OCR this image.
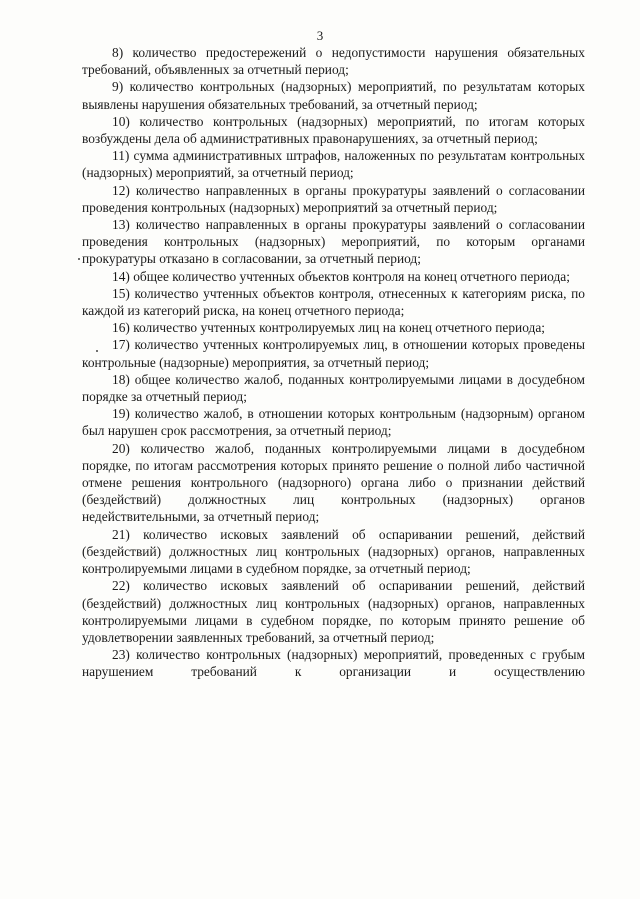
3

8) количество предостережений о недопустимости нарушения обязательных требований, объявленных за отчетный период;

9) количество контрольных (надзорных) мероприятий, по результатам которых выявлены нарушения обязательных требований, за отчетный период;

10) количество контрольных (надзорных) мероприятий, по итогам которых возбуждены дела об административных правонарушениях, за отчетный период;

11) сумма административных штрафов, наложенных по результатам контрольных (надзорных) мероприятий, за отчетный период;

12) количество направленных в органы прокуратуры заявлений о согласовании проведения контрольных (надзорных) мероприятий за отчетный период;

13) количество направленных в органы прокуратуры заявлений о согласовании проведения контрольных (надзорных) мероприятий, по которым органами прокуратуры отказано в согласовании, за отчетный период;

14) общее количество учтенных объектов контроля на конец отчетного периода;

15) количество учтенных объектов контроля, отнесенных к категориям риска, по каждой из категорий риска, на конец отчетного периода;

16) количество учтенных контролируемых лиц на конец отчетного периода;

17) количество учтенных контролируемых лиц, в отношении которых проведены контрольные (надзорные) мероприятия, за отчетный период;

18) общее количество жалоб, поданных контролируемыми лицами в досудебном порядке за отчетный период;

19) количество жалоб, в отношении которых контрольным (надзорным) органом был нарушен срок рассмотрения, за отчетный период;

20) количество жалоб, поданных контролируемыми лицами в досудебном порядке, по итогам рассмотрения которых принято решение о полной либо частичной отмене решения контрольного (надзорного) органа либо о признании действий (бездействий) должностных лиц контрольных (надзорных) органов недействительными, за отчетный период;

21) количество исковых заявлений об оспаривании решений, действий (бездействий) должностных лиц контрольных (надзорных) органов, направленных контролируемыми лицами в судебном порядке, за отчетный период;

22) количество исковых заявлений об оспаривании решений, действий (бездействий) должностных лиц контрольных (надзорных) органов, направленных контролируемыми лицами в судебном порядке, по которым принято решение об удовлетворении заявленных требований, за отчетный период;

23) количество контрольных (надзорных) мероприятий, проведенных с грубым нарушением требований к организации и осуществлению
